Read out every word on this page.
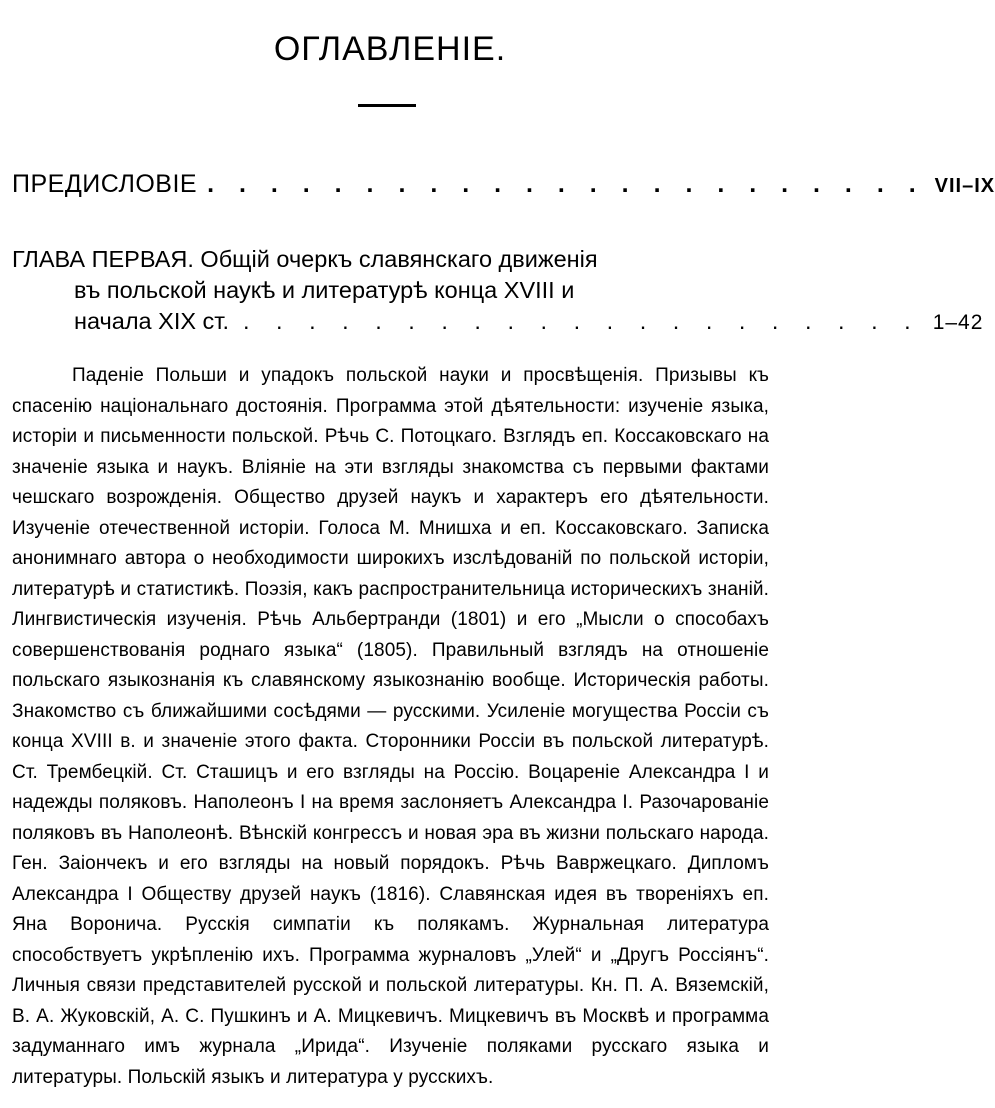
ОГЛАВЛЕНІЕ.
ПРЕДИСЛОВІЕ . . . . . . . . . . . . . . . . . . . . . . . VII–IX
ГЛАВА ПЕРВАЯ. Общій очеркъ славянскаго движенія
въ польской наукѣ и литературѣ конца XVIII и
начала XIX ст. . . . . . . . . . . . . . . . . . . . . . 1–42
Паденіе Польши и упадокъ польской науки и просвѣщенія. Призывы къ спасенію національнаго достоянія. Программа этой дѣятельности: изученіе языка, исторіи и письменности польской. Рѣчь С. Потоцкаго. Взглядъ еп. Коссаковскаго на значеніе языка и наукъ. Вліяніе на эти взгляды знакомства съ первыми фактами чешскаго возрожденія. Общество друзей наукъ и характеръ его дѣятельности. Изученіе отечественной исторіи. Голоса М. Мнишха и еп. Коссаковскаго. Записка анонимнаго автора о необходимости широкихъ изслѣдованій по польской исторіи, литературѣ и статистикѣ. Поэзія, какъ распространительница историческихъ знаній. Лингвистическія изученія. Рѣчь Альбертранди (1801) и его „Мысли о способахъ совершенствованія роднаго языка“ (1805). Правильный взглядъ на отношеніе польскаго языкознанія къ славянскому языкознанію вообще. Историческія работы. Знакомство съ ближайшими сосѣдями — русскими. Усиленіе могущества Россіи съ конца XVIII в. и значеніе этого факта. Сторонники Россіи въ польской литературѣ. Ст. Трембецкій. Ст. Сташицъ и его взгляды на Россію. Воцареніе Александра I и надежды поляковъ. Наполеонъ I на время заслоняетъ Александра I. Разочарованіе поляковъ въ Наполеонѣ. Вѣнскій конгрессъ и новая эра въ жизни польскаго народа. Ген. Заіончекъ и его взгляды на новый порядокъ. Рѣчь Вавржецкаго. Дипломъ Александра I Обществу друзей наукъ (1816). Славянская идея въ твореніяхъ еп. Яна Воронича. Русскія симпатіи къ полякамъ. Журнальная литература способствуетъ укрѣпленію ихъ. Программа журналовъ „Улей“ и „Другъ Россіянъ“. Личныя связи представителей русской и польской литературы. Кн. П. А. Вяземскій, В. А. Жуковскій, А. С. Пушкинъ и А. Мицкевичъ. Мицкевичъ въ Москвѣ и программа задуманнаго имъ журнала „Ирида“. Изученіе поляками русскаго языка и литературы. Польскій языкъ и литература у русскихъ.
